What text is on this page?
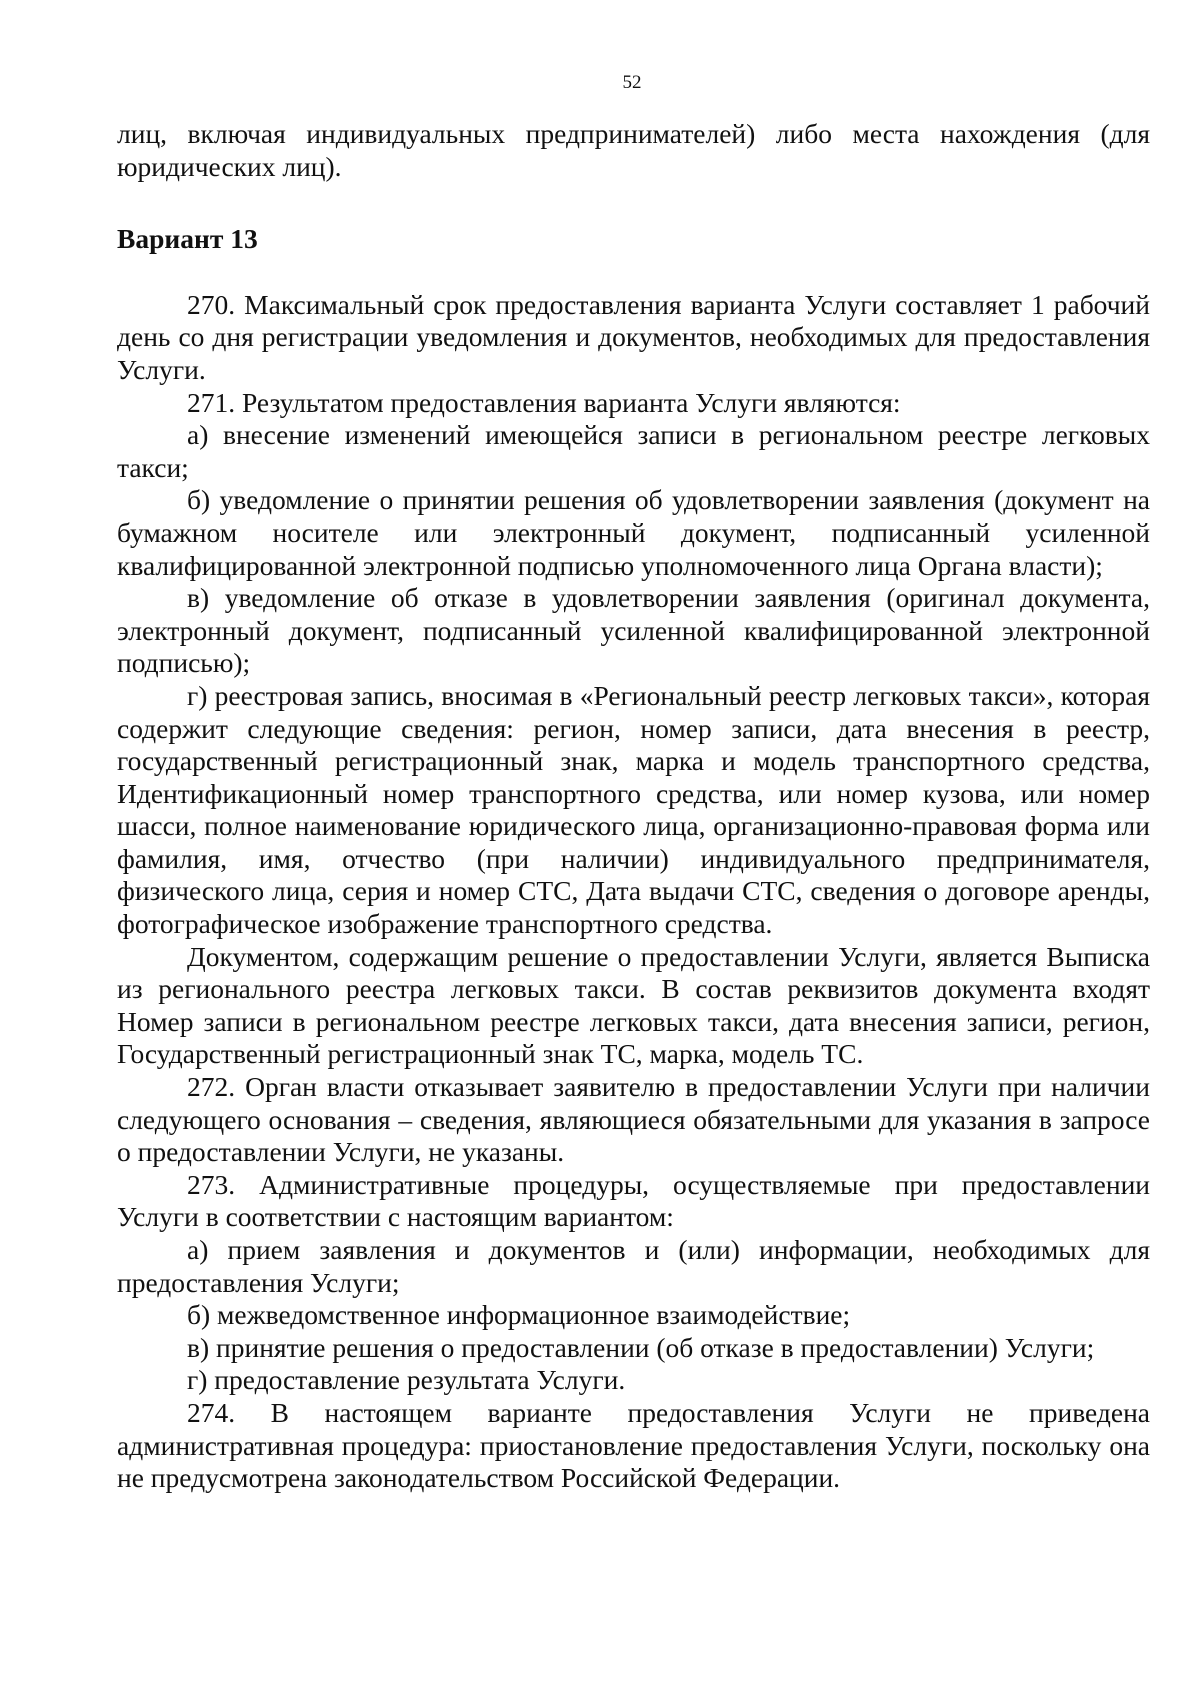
52

лиц, включая индивидуальных предпринимателей) либо места нахождения (для юридических лиц).

Вариант 13

270. Максимальный срок предоставления варианта Услуги составляет 1 рабочий день со дня регистрации уведомления и документов, необходимых для предоставления Услуги.

271. Результатом предоставления варианта Услуги являются:

а) внесение изменений имеющейся записи в региональном реестре легковых такси;

б) уведомление о принятии решения об удовлетворении заявления (документ на бумажном носителе или электронный документ, подписанный усиленной квалифицированной электронной подписью уполномоченного лица Органа власти);

в) уведомление об отказе в удовлетворении заявления (оригинал документа, электронный документ, подписанный усиленной квалифицированной электронной подписью);

г) реестровая запись, вносимая в «Региональный реестр легковых такси», которая содержит следующие сведения: регион, номер записи, дата внесения в реестр, государственный регистрационный знак, марка и модель транспортного средства, Идентификационный номер транспортного средства, или номер кузова, или номер шасси, полное наименование юридического лица, организационно-правовая форма или фамилия, имя, отчество (при наличии) индивидуального предпринимателя, физического лица, серия и номер СТС, Дата выдачи СТС, сведения о договоре аренды, фотографическое изображение транспортного средства.

Документом, содержащим решение о предоставлении Услуги, является Выписка из регионального реестра легковых такси. В состав реквизитов документа входят Номер записи в региональном реестре легковых такси, дата внесения записи, регион, Государственный регистрационный знак ТС, марка, модель ТС.

272. Орган власти отказывает заявителю в предоставлении Услуги при наличии следующего основания – сведения, являющиеся обязательными для указания в запросе о предоставлении Услуги, не указаны.

273. Административные процедуры, осуществляемые при предоставлении Услуги в соответствии с настоящим вариантом:

а) прием заявления и документов и (или) информации, необходимых для предоставления Услуги;

б) межведомственное информационное взаимодействие;

в) принятие решения о предоставлении (об отказе в предоставлении) Услуги;

г) предоставление результата Услуги.

274. В настоящем варианте предоставления Услуги не приведена административная процедура: приостановление предоставления Услуги, поскольку она не предусмотрена законодательством Российской Федерации.
